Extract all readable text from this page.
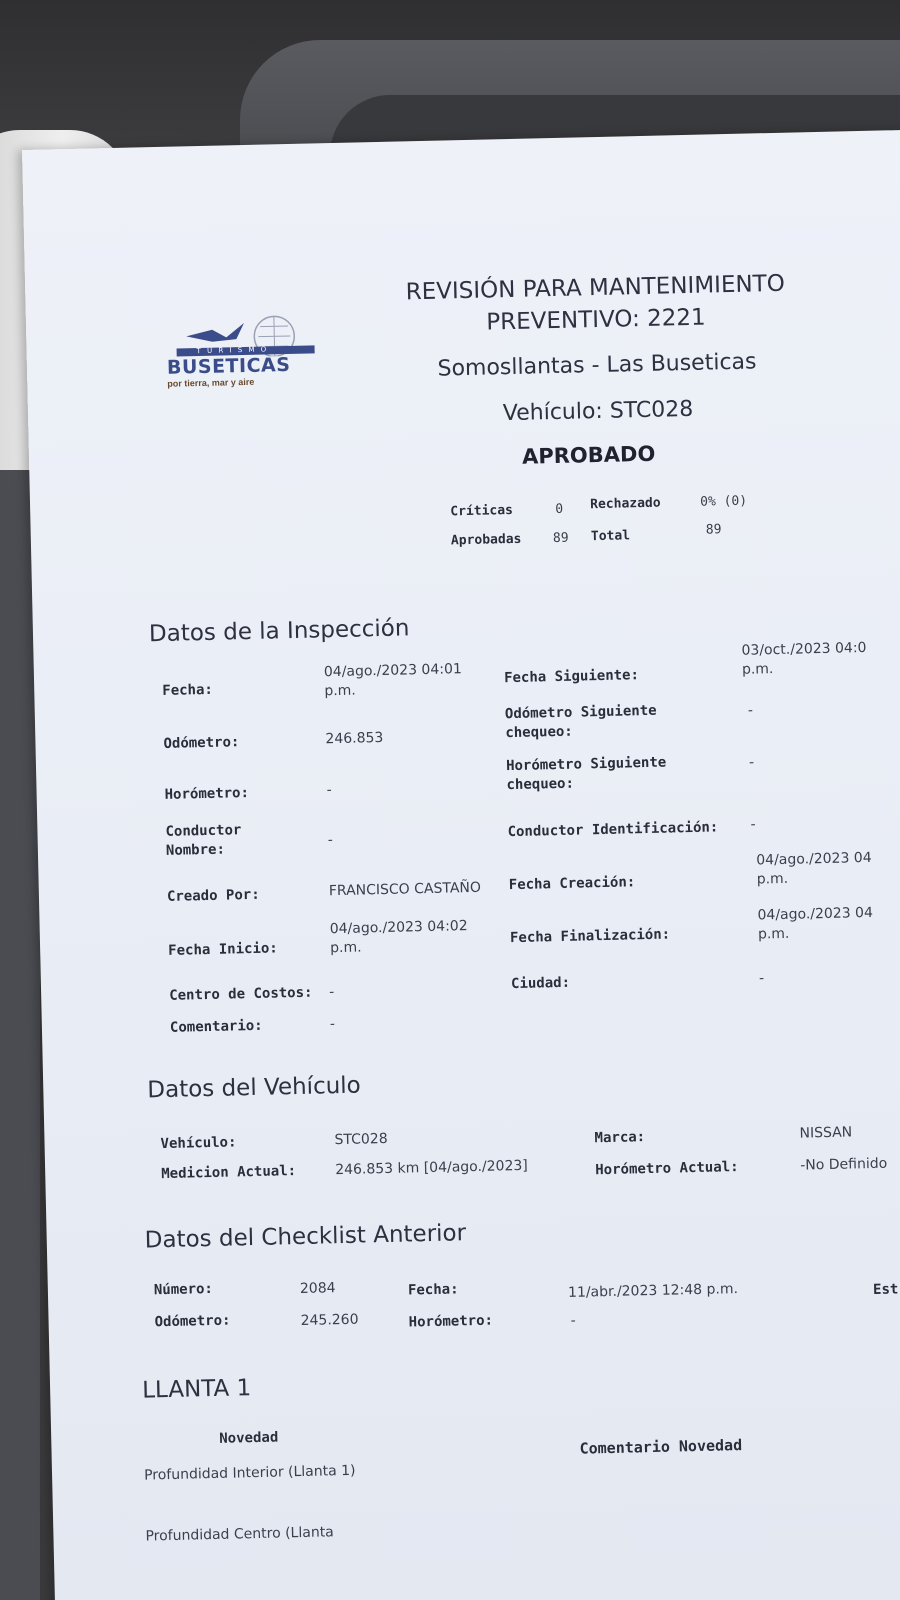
T U R I S M O
BUSETICAS
por tierra, mar y aire
REVISIÓN PARA MANTENIMIENTO
PREVENTIVO: 2221
Somosllantas - Las Buseticas
Vehículo: STC028
APROBADO
Críticas	0 Rechazado	0% (0)
Aprobadas 89 Total	89
Datos de la Inspección
Fecha:
04/ago./2023 04:01 p.m.
Fecha Siguiente:
03/oct./2023 04:0 p.m.
Odómetro:	246.853
Odómetro Siguiente chequeo:
-
Horómetro:	-
Horómetro Siguiente chequeo:
-
Conductor Nombre:
-
Conductor Identificación: -
Creado Por:	FRANCISCO CASTAÑO Fecha Creación:
04/ago./2023 04 p.m.
Fecha Inicio:
04/ago./2023 04:02 p.m.
Fecha Finalización:
04/ago./2023 04 p.m.
Centro de Costos: -
Ciudad:	-
Comentario:	-
Datos del Vehículo
Vehículo:	STC028	Marca:	NISSAN
Medicion Actual:	246.853 km [04/ago./2023]	Horómetro Actual:	-No Definido
Datos del Checklist Anterior
Número:	2084	Fecha:	11/abr./2023 12:48 p.m.	Est
Odómetro:	245.260	Horómetro:	-
LLANTA 1
Novedad	Comentario Novedad
Profundidad Interior (Llanta 1)
Profundidad Centro (Llanta
